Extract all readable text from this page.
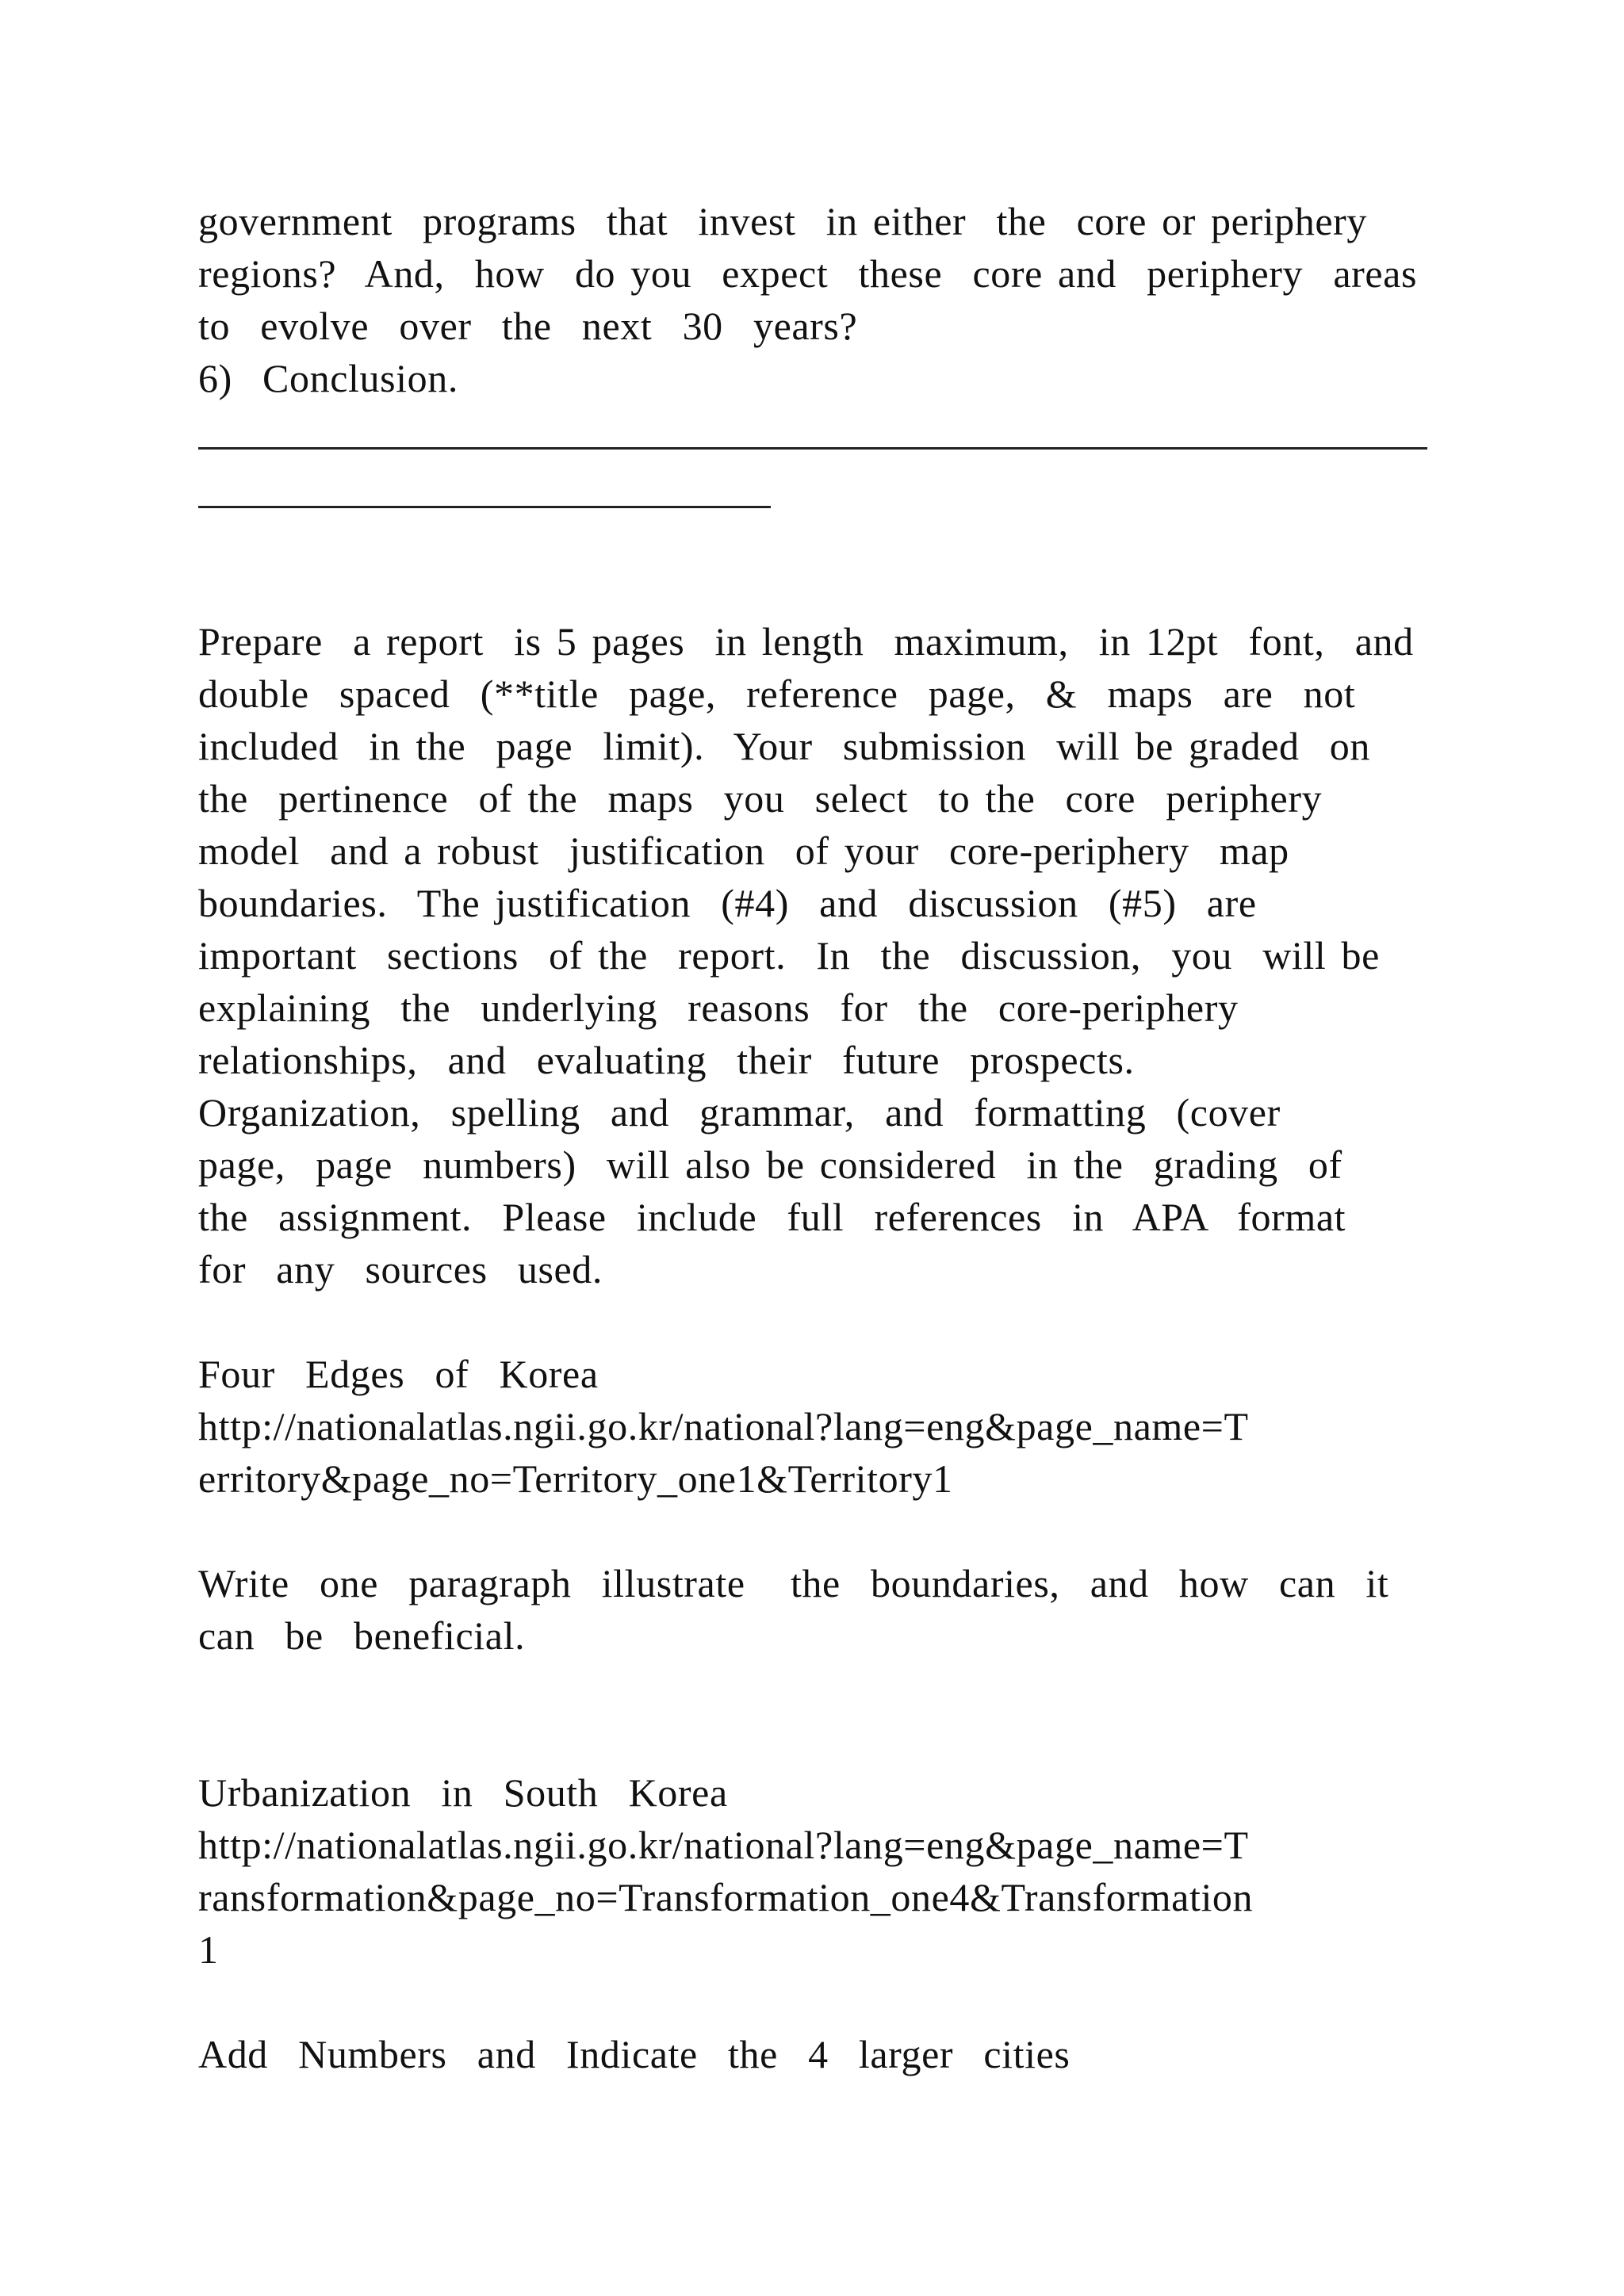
government  programs  that  invest  in either  the  core or periphery
regions?  And,  how  do you  expect  these  core and  periphery  areas
to  evolve  over  the  next  30  years?
6)  Conclusion.
Prepare  a report  is 5 pages  in length  maximum,  in 12pt  font,  and
double  spaced  (**title  page,  reference  page,  &  maps  are  not
included  in the  page  limit).  Your  submission  will be graded  on
the  pertinence  of the  maps  you  select  to the  core  periphery
model  and a robust  justification  of your  core-periphery  map
boundaries.  The justification  (#4)  and  discussion  (#5)  are
important  sections  of the  report.  In  the  discussion,  you  will be
explaining  the  underlying  reasons  for  the  core-periphery
relationships,  and  evaluating  their  future  prospects.
Organization,  spelling  and  grammar,  and  formatting  (cover
page,  page  numbers)  will also be considered  in the  grading  of
the  assignment.  Please  include  full  references  in  APA  format
for  any  sources  used.
Four  Edges  of  Korea
http://nationalatlas.ngii.go.kr/national?lang=eng&page_name=T
erritory&page_no=Territory_one1&Territory1
Write  one  paragraph  illustrate   the  boundaries,  and  how  can  it
can  be  beneficial.
Urbanization  in  South  Korea
http://nationalatlas.ngii.go.kr/national?lang=eng&page_name=T
ransformation&page_no=Transformation_one4&Transformation
1
Add  Numbers  and  Indicate  the  4  larger  cities
